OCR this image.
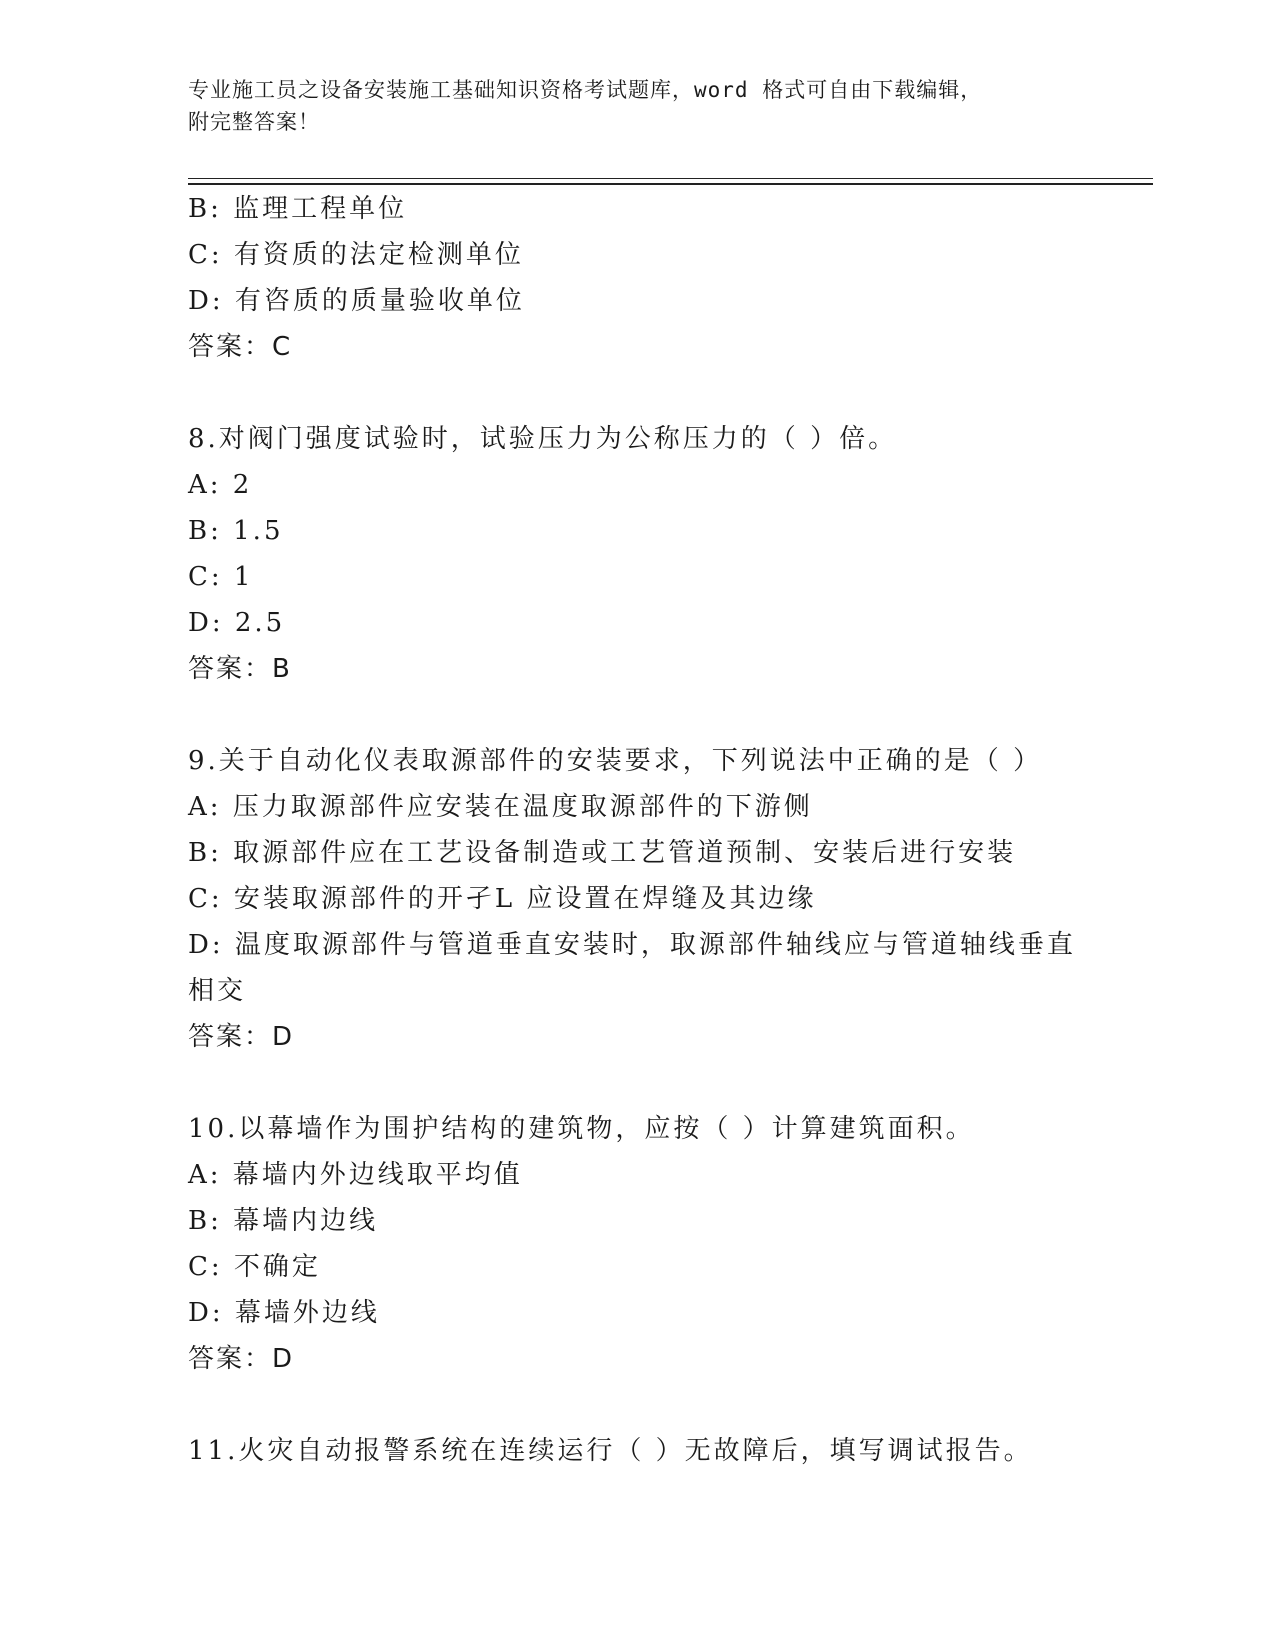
专业施工员之设备安装施工基础知识资格考试题库，word 格式可自由下载编辑，
附完整答案！
B: 监理工程单位
C: 有资质的法定检测单位
D: 有咨质的质量验收单位
答案：C
8.对阀门强度试验时，试验压力为公称压力的（ ）倍。
A: 2
B: 1.5
C: 1
D: 2.5
答案：B
9.关于自动化仪表取源部件的安装要求，下列说法中正确的是（ ）
A: 压力取源部件应安装在温度取源部件的下游侧
B: 取源部件应在工艺设备制造或工艺管道预制、安装后进行安装
C: 安装取源部件的开孑L 应设置在焊缝及其边缘
D: 温度取源部件与管道垂直安装时，取源部件轴线应与管道轴线垂直相交
答案：D
10.以幕墙作为围护结构的建筑物，应按（ ）计算建筑面积。
A: 幕墙内外边线取平均值
B: 幕墙内边线
C: 不确定
D: 幕墙外边线
答案：D
11.火灾自动报警系统在连续运行（ ）无故障后，填写调试报告。
